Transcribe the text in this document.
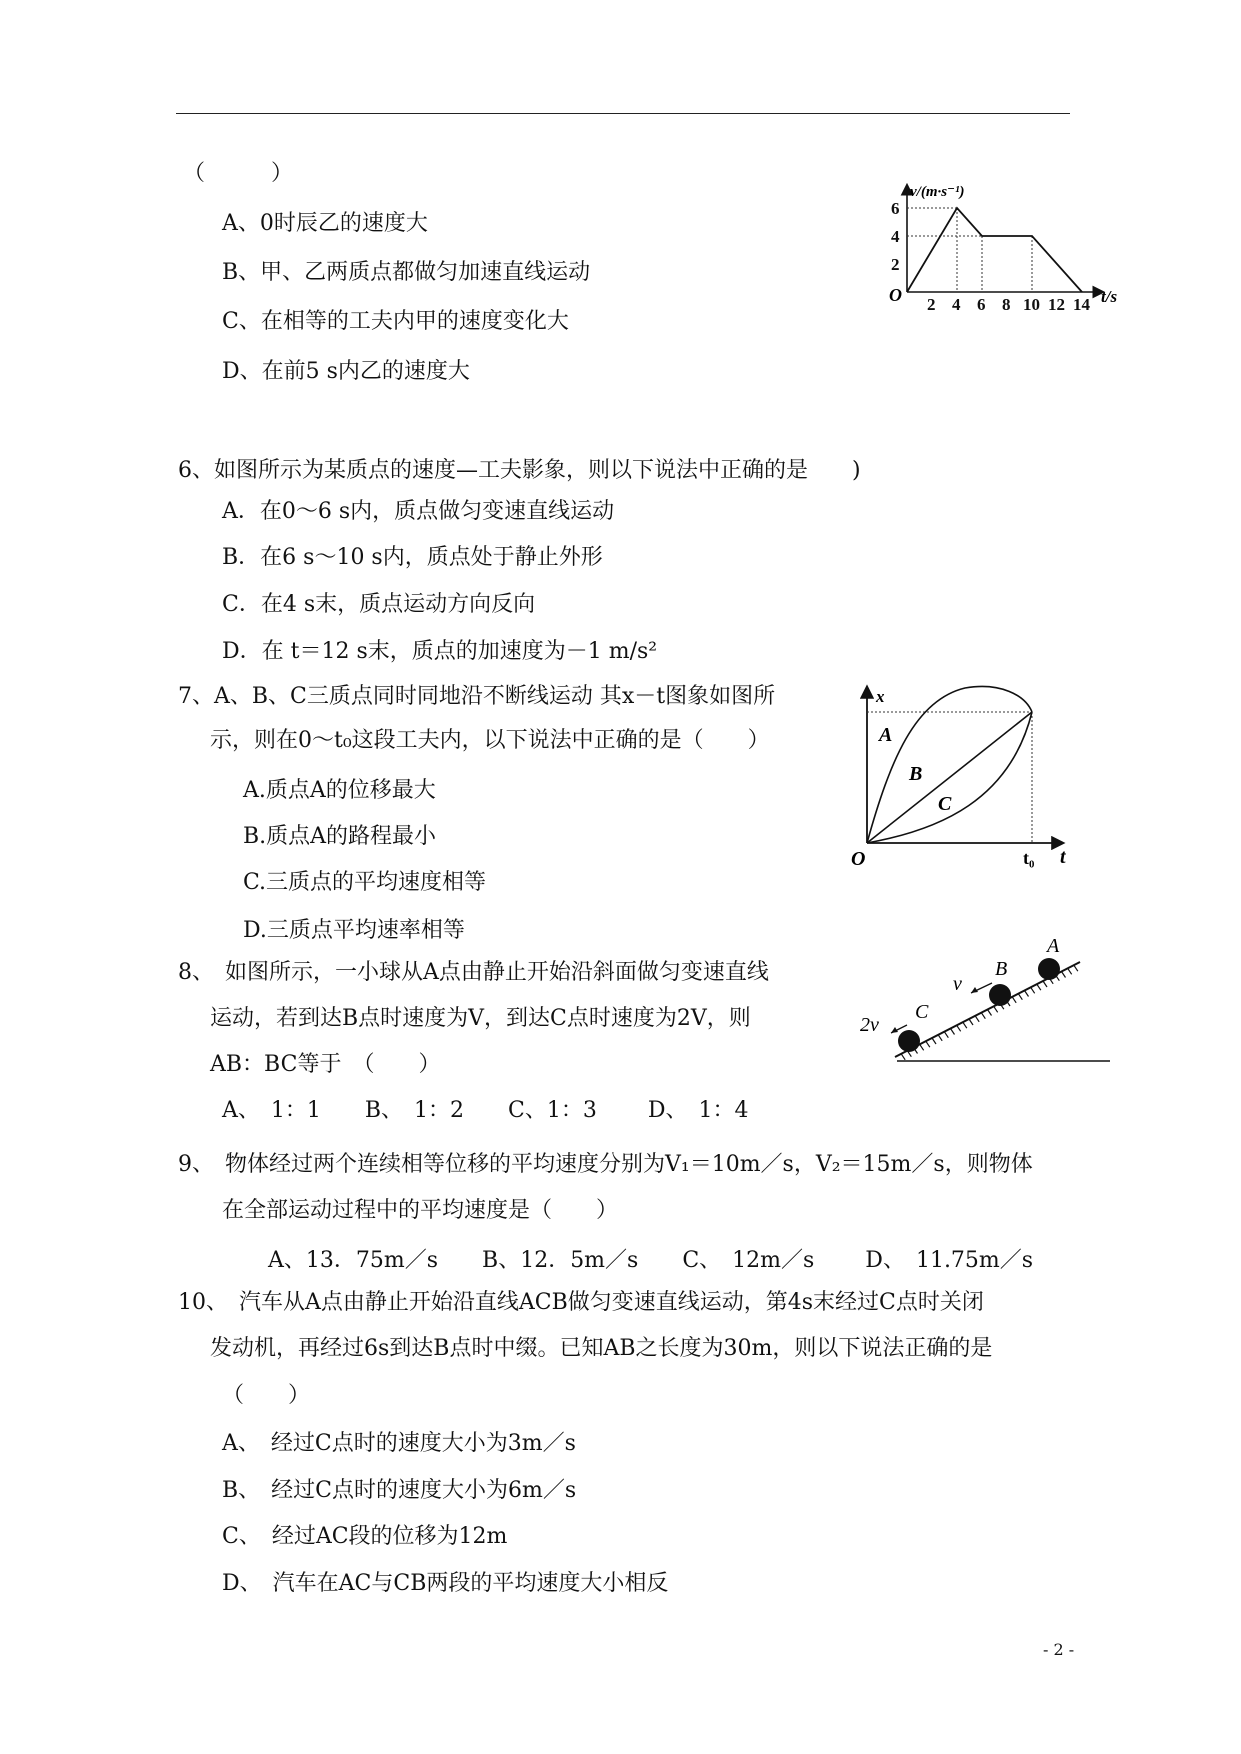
（　　　）
A、0时辰乙的速度大
B、甲、乙两质点都做匀加速直线运动
C、在相等的工夫内甲的速度变化大
D、在前5 s内乙的速度大
2
4
6
2 4 6 8 10 12 14
O
v/(m·s⁻¹)
t/s
6、如图所示为某质点的速度—工夫影象，则以下说法中正确的是　　)
A．在0～6 s内，质点做匀变速直线运动
B．在6 s～10 s内，质点处于静止外形
C．在4 s末，质点运动方向反向
D．在 t＝12 s末，质点的加速度为－1 m/s²
A
B
C
x
t
O	t₀
7、A、B、C三质点同时同地沿不断线运动 其x－t图象如图所
示，则在0～t₀这段工夫内，以下说法中正确的是（　　）
A.质点A的位移最大
B.质点A的路程最小
C.三质点的平均速度相等
D.三质点平均速率相等
A
B
C
v
2v
8、　如图所示，一小球从A点由静止开始沿斜面做匀变速直线
运动，若到达B点时速度为V，到达C点时速度为2V，则
AB：BC等于　（　　）
A、　1：1　　B、　1：2　　C、1：3　　 D、　1：4
9、　物体经过两个连续相等位移的平均速度分别为V₁＝10m／s，V₂＝15m／s，则物体
在全部运动过程中的平均速度是（　　）
A、13．75m／s　　B、12．5m／s　　C、　12m／s　　 D、　11.75m／s
10、　汽车从A点由静止开始沿直线ACB做匀变速直线运动，第4s末经过C点时关闭
发动机，再经过6s到达B点时中缀。已知AB之长度为30m，则以下说法正确的是
（　　）
A、　经过C点时的速度大小为3m／s
B、　经过C点时的速度大小为6m／s
C、　经过AC段的位移为12m
D、　汽车在AC与CB两段的平均速度大小相反
- 2 -
